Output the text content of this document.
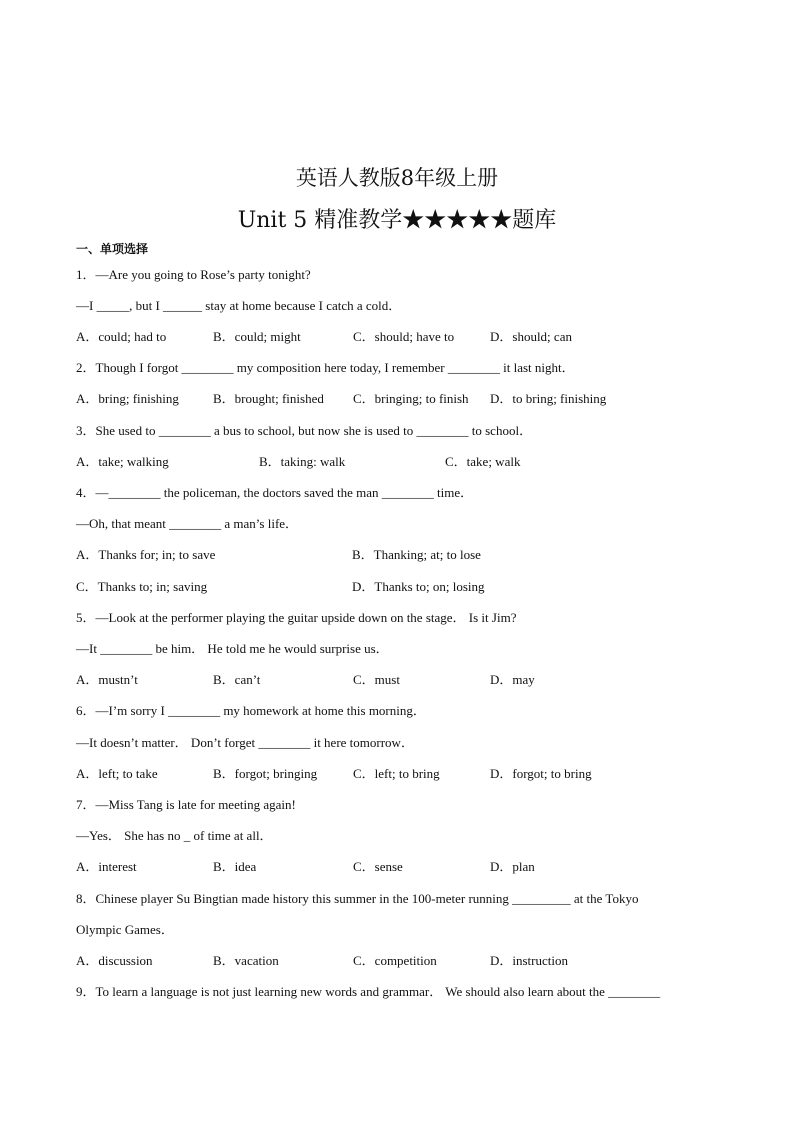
英语人教版8年级上册
Unit 5 精准教学★★★★★题库
一、单项选择
1．—Are you going to Rose’s party tonight?
—I _____, but I ______ stay at home because I catch a cold．
A．could; had to	B．could; might	C．should; have to	D．should; can
2．Though I forgot ________ my composition here today, I remember ________ it last night．
A．bring; finishing	B．brought; finished C．bringing; to finish D．to bring; finishing
3．She used to ________ a bus to school, but now she is used to ________ to school．
A．take; walking	B．taking: walk	C．take; walk
4．—________ the policeman, the doctors saved the man ________ time．
—Oh, that meant ________ a man’s life．
A．Thanks for; in; to save	B．Thanking; at; to lose
C．Thanks to; in; saving	D．Thanks to; on; losing
5．—Look at the performer playing the guitar upside down on the stage． Is it Jim?
—It ________ be him． He told me he would surprise us．
A．mustn’t	B．can’t	C．must	D．may
6．—I’m sorry I ________ my homework at home this morning．
—It doesn’t matter． Don’t forget ________ it here tomorrow．
A．left; to take	B．forgot; bringing	C．left; to bring	D．forgot; to bring
7．—Miss Tang is late for meeting again!
—Yes． She has no _ of time at all．
A．interest	B．idea	C．sense	D．plan
8．Chinese player Su Bingtian made history this summer in the 100-meter running _________ at the Tokyo
Olympic Games．
A．discussion	B．vacation	C．competition	D．instruction
9．To learn a language is not just learning new words and grammar． We should also learn about the ________
